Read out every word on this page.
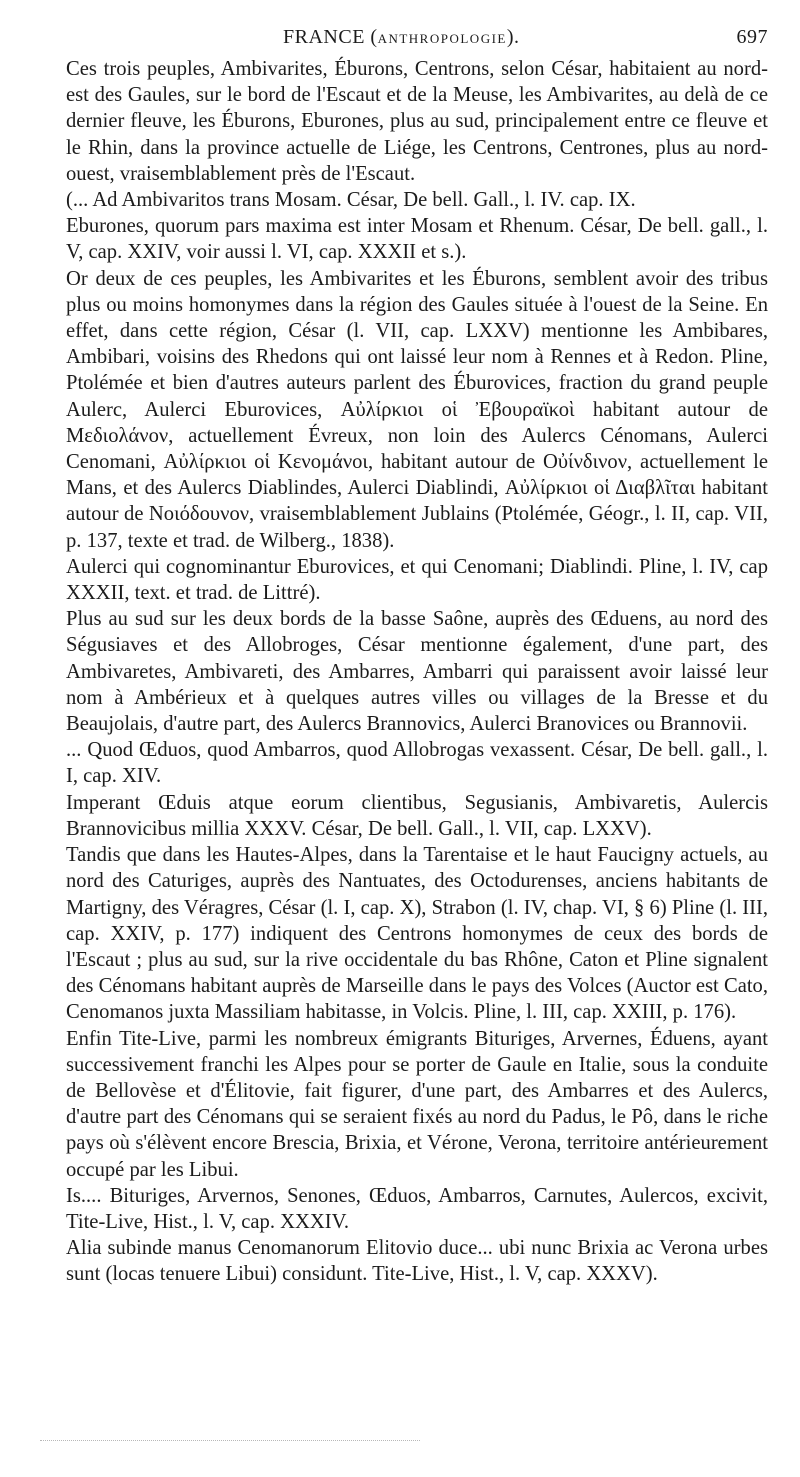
FRANCE (ANTHROPOLOGIE).	697

Ces trois peuples, Ambivarites, Éburons, Centrons, selon César, habitaient au nord-est des Gaules, sur le bord de l'Escaut et de la Meuse, les Ambivarites, au delà de ce dernier fleuve, les Éburons, Eburones, plus au sud, principalement entre ce fleuve et le Rhin, dans la province actuelle de Liége, les Centrons, Centrones, plus au nord-ouest, vraisemblablement près de l'Escaut.

(... Ad Ambivaritos trans Mosam. César, De bell. Gall., l. IV. cap. IX.

Eburones, quorum pars maxima est inter Mosam et Rhenum. César, De bell. gall., l. V, cap. XXIV, voir aussi l. VI, cap. XXXII et s.).

Or deux de ces peuples, les Ambivarites et les Éburons, semblent avoir des tribus plus ou moins homonymes dans la région des Gaules située à l'ouest de la Seine. En effet, dans cette région, César (l. VII, cap. LXXV) mentionne les Ambibares, Ambibari, voisins des Rhedons qui ont laissé leur nom à Rennes et à Redon. Pline, Ptolémée et bien d'autres auteurs parlent des Éburovices, fraction du grand peuple Aulerc, Aulerci Eburovices, Αὐλίρκιοι οἱ Ἐβουραϊκοὶ habitant autour de Μεδιολάνον, actuellement Évreux, non loin des Aulercs Cénomans, Aulerci Cenomani, Αὐλίρκιοι οἱ Κενομάνοι, habitant autour de Οὐίνδινον, actuellement le Mans, et des Aulercs Diablindes, Aulerci Diablindi, Αὐλίρκιοι οἱ Διαβλῖται habitant autour de Νοιόδουνον, vraisemblablement Jublains (Ptolémée, Géogr., l. II, cap. VII, p. 137, texte et trad. de Wilberg., 1838).

Aulerci qui cognominantur Eburovices, et qui Cenomani; Diablindi. Pline, l. IV, cap XXXII, text. et trad. de Littré).

Plus au sud sur les deux bords de la basse Saône, auprès des Œduens, au nord des Ségusiaves et des Allobroges, César mentionne également, d'une part, des Ambivaretes, Ambivareti, des Ambarres, Ambarri qui paraissent avoir laissé leur nom à Ambérieux et à quelques autres villes ou villages de la Bresse et du Beaujolais, d'autre part, des Aulercs Brannovics, Aulerci Branovices ou Brannovii.

... Quod Œduos, quod Ambarros, quod Allobrogas vexassent. César, De bell. gall., l. I, cap. XIV.

Imperant Œduis atque eorum clientibus, Segusianis, Ambivaretis, Aulercis Brannovicibus millia XXXV. César, De bell. Gall., l. VII, cap. LXXV).

Tandis que dans les Hautes-Alpes, dans la Tarentaise et le haut Faucigny actuels, au nord des Caturiges, auprès des Nantuates, des Octodurenses, anciens habitants de Martigny, des Véragres, César (l. I, cap. X), Strabon (l. IV, chap. VI, § 6) Pline (l. III, cap. XXIV, p. 177) indiquent des Centrons homonymes de ceux des bords de l'Escaut ; plus au sud, sur la rive occidentale du bas Rhône, Caton et Pline signalent des Cénomans habitant auprès de Marseille dans le pays des Volces (Auctor est Cato, Cenomanos juxta Massiliam habitasse, in Volcis. Pline, l. III, cap. XXIII, p. 176).

Enfin Tite-Live, parmi les nombreux émigrants Bituriges, Arvernes, Éduens, ayant successivement franchi les Alpes pour se porter de Gaule en Italie, sous la conduite de Bellovèse et d'Élitovie, fait figurer, d'une part, des Ambarres et des Aulercs, d'autre part des Cénomans qui se seraient fixés au nord du Padus, le Pô, dans le riche pays où s'élèvent encore Brescia, Brixia, et Vérone, Verona, territoire antérieurement occupé par les Libui.

Is.... Bituriges, Arvernos, Senones, Œduos, Ambarros, Carnutes, Aulercos, excivit, Tite-Live, Hist., l. V, cap. XXXIV.

Alia subinde manus Cenomanorum Elitovio duce... ubi nunc Brixia ac Verona urbes sunt (locas tenuere Libui) considunt. Tite-Live, Hist., l. V, cap. XXXV).
